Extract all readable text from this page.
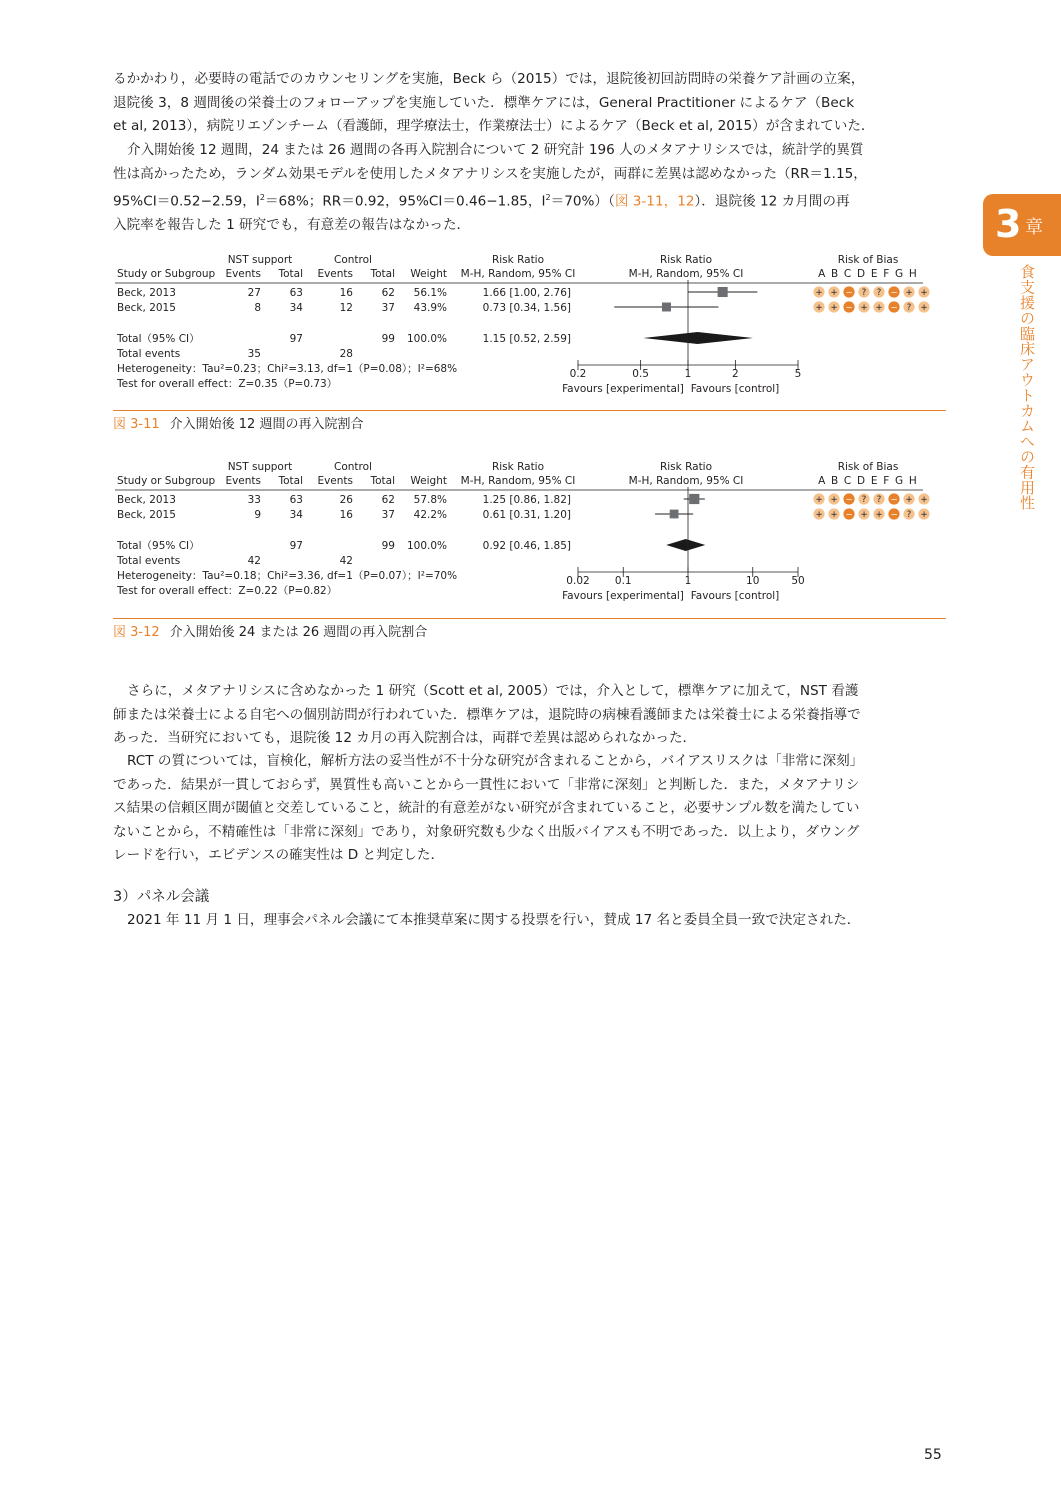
3 章
食支援の臨床アウトカムへの有用性
るかかわり，必要時の電話でのカウンセリングを実施，Beck ら（2015）では，退院後初回訪問時の栄養ケア計画の立案，
退院後 3，8 週間後の栄養士のフォローアップを実施していた．標準ケアには，General Practitioner によるケア（Beck
et al, 2013），病院リエゾンチーム（看護師，理学療法士，作業療法士）によるケア（Beck et al, 2015）が含まれていた．
介入開始後 12 週間，24 または 26 週間の各再入院割合について 2 研究計 196 人のメタアナリシスでは，統計学的異質
性は高かったため，ランダム効果モデルを使用したメタアナリシスを実施したが，両群に差異は認めなかった（RR＝1.15，
95%CI＝0.52−2.59，$I^2=68\%$；RR＝0.92，95%CI＝0.46−1.85，$I^2=70\%$）（図 3-11，12）．退院後 12 カ月間の再
入院率を報告した 1 研究でも，有意差の報告はなかった．
NST support	Control	Risk Ratio	Risk Ratio	Risk of Bias
Study or Subgroup Events Total Events Total Weight M-H, Random, 95% CI	M-H, Random, 95% CI	A B C D E F G H
Beck, 2013	27	63	16	62 56.1%	1.66 [1.00, 2.76]	+ + − ? ? − + +
Beck, 2015	8	34	12	37 43.9%	0.73 [0.34, 1.56]	+ + − + + − ? +
Total（95% CI）	97	99 100.0%	1.15 [0.52, 2.59]
Total events	35	28
Heterogeneity：Tau²=0.23；Chi²=3.13, df=1（P=0.08）；I²=68%
Test for overall effect：Z=0.35（P=0.73）
0.2	0.5	1	2	5
Favours [experimental] Favours [control]
図 3-11 介入開始後 12 週間の再入院割合
NST support	Control	Risk Ratio	Risk Ratio	Risk of Bias
Study or Subgroup Events Total Events Total Weight M-H, Random, 95% CI	M-H, Random, 95% CI	A B C D E F G H
Beck, 2013	33	63	26	62 57.8%	1.25 [0.86, 1.82]	+ + − ? ? − + +
Beck, 2015	9	34	16	37 42.2%	0.61 [0.31, 1.20]	+ + − + + − ? +
Total（95% CI）	97	99 100.0%	0.92 [0.46, 1.85]
Total events	42	42
Heterogeneity：Tau²=0.18；Chi²=3.36, df=1（P=0.07）；I²=70%
Test for overall effect：Z=0.22（P=0.82）
0.02 0.1	1	10	50
Favours [experimental] Favours [control]
図 3-12 介入開始後 24 または 26 週間の再入院割合
さらに，メタアナリシスに含めなかった 1 研究（Scott et al, 2005）では，介入として，標準ケアに加えて，NST 看護
師または栄養士による自宅への個別訪問が行われていた．標準ケアは，退院時の病棟看護師または栄養士による栄養指導で
あった．当研究においても，退院後 12 カ月の再入院割合は，両群で差異は認められなかった．
RCT の質については，盲検化，解析方法の妥当性が不十分な研究が含まれることから，バイアスリスクは「非常に深刻」
であった．結果が一貫しておらず，異質性も高いことから一貫性において「非常に深刻」と判断した．また，メタアナリシ
ス結果の信頼区間が閾値と交差していること，統計的有意差がない研究が含まれていること，必要サンプル数を満たしてい
ないことから，不精確性は「非常に深刻」であり，対象研究数も少なく出版バイアスも不明であった．以上より，ダウング
レードを行い，エビデンスの確実性は D と判定した．
3）パネル会議
2021 年 11 月 1 日，理事会パネル会議にて本推奨草案に関する投票を行い，賛成 17 名と委員全員一致で決定された．
55
